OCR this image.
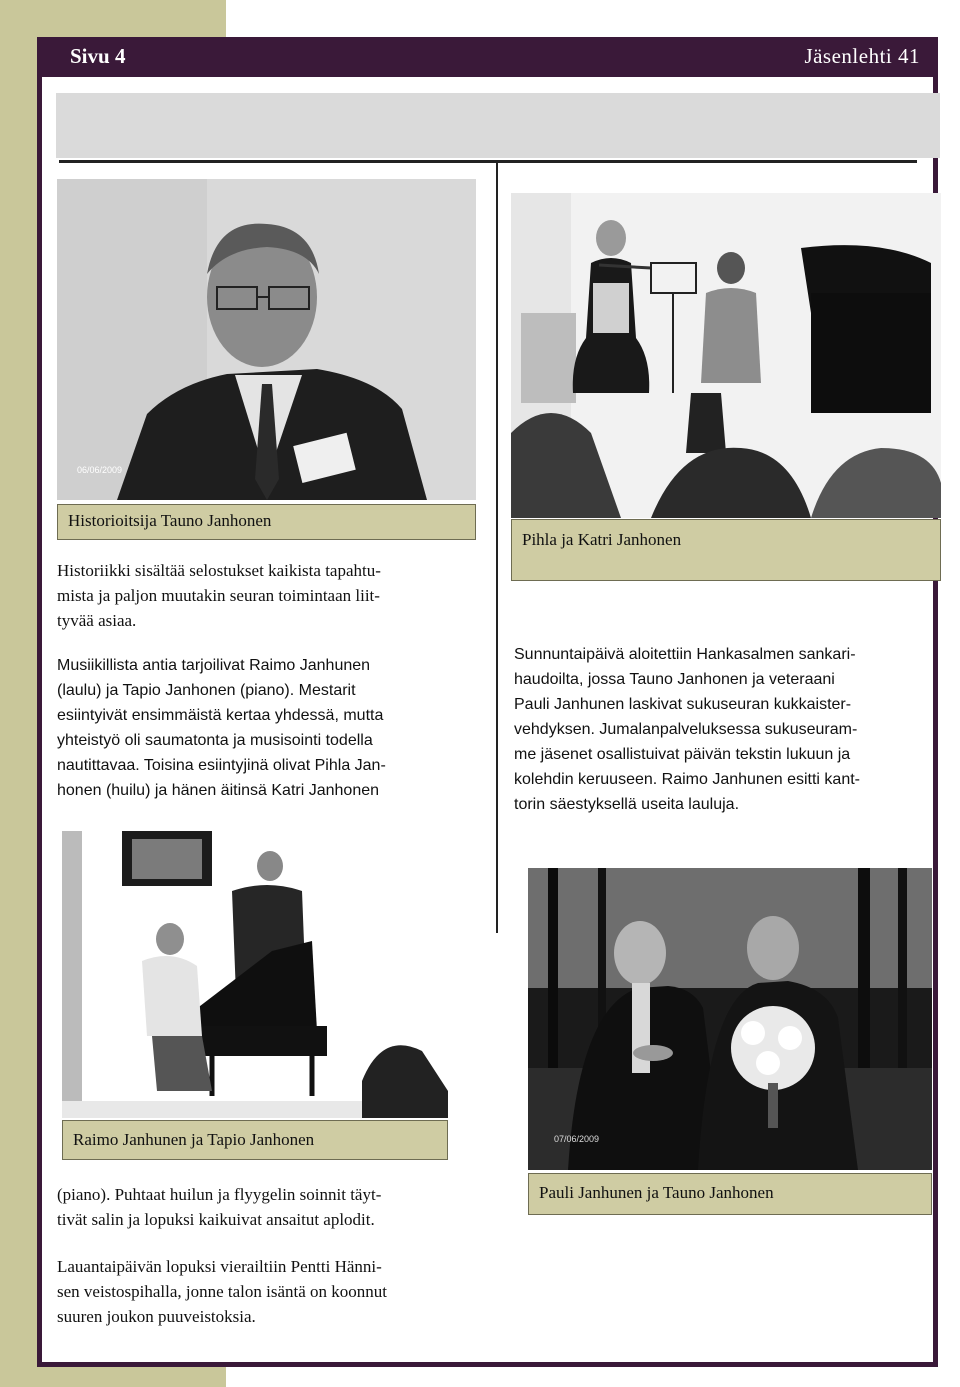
Sivu 4	Jäsenlehti 41
06/06/2009
Historioitsija Tauno Janhonen
Pihla ja Katri Janhonen

Historiikki sisältää selostukset kaikista tapahtu-
mista ja paljon muutakin seuran toimintaan liit-
tyvää asiaa.

Musiikillista antia tarjoilivat Raimo Janhunen
(laulu) ja Tapio Janhonen (piano). Mestarit
esiintyivät ensimmäistä kertaa yhdessä, mutta
yhteistyö oli saumatonta ja musisointi todella
nautittavaa. Toisina esiintyjinä olivat Pihla Jan-
honen (huilu) ja hänen äitinsä Katri Janhonen

Sunnuntaipäivä aloitettiin Hankasalmen sankari-
haudoilta, jossa Tauno Janhonen ja veteraani
Pauli Janhunen laskivat sukuseuran kukkaister-
vehdyksen. Jumalanpalveluksessa sukuseuram-
me jäsenet osallistuivat päivän tekstin lukuun ja
kolehdin keruuseen. Raimo Janhunen esitti kant-
torin säestyksellä useita lauluja.
Raimo Janhunen ja Tapio Janhonen	07/06/2009
Pauli Janhunen ja Tauno Janhonen

(piano). Puhtaat huilun ja flyygelin soinnit täyt-
tivät salin ja lopuksi kaikuivat ansaitut aplodit.

Lauantaipäivän lopuksi vierailtiin Pentti Hänni-
sen veistospihalla, jonne talon isäntä on koonnut
suuren joukon puuveistoksia.
